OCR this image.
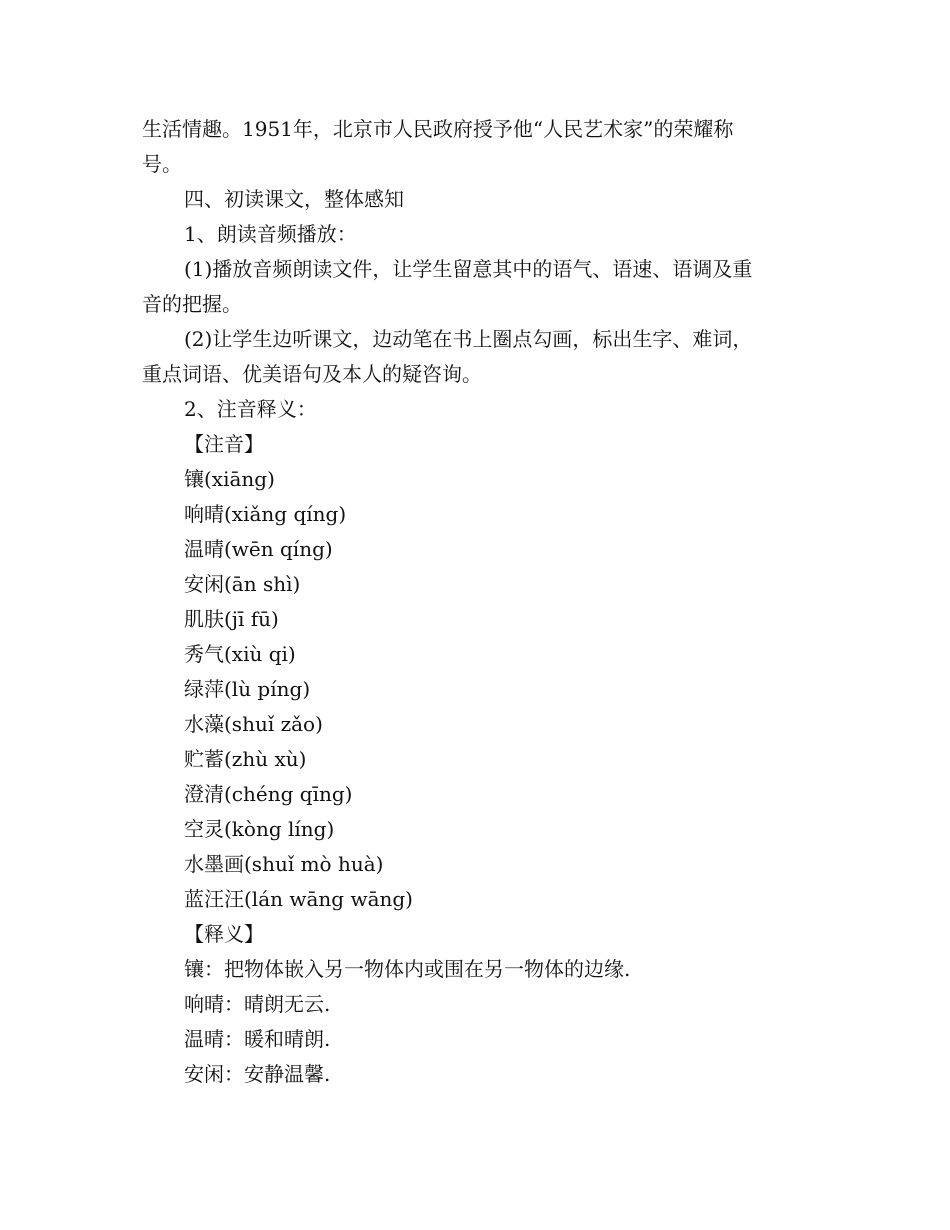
生活情趣。1951年，北京市人民政府授予他“人民艺术家”的荣耀称
号。
四、初读课文，整体感知
1、朗读音频播放：
(1)播放音频朗读文件，让学生留意其中的语气、语速、语调及重
音的把握。
(2)让学生边听课文，边动笔在书上圈点勾画，标出生字、难词，
重点词语、优美语句及本人的疑咨询。
2、注音释义：
【注音】
镶(xiāng)
响晴(xiǎng qíng)
温晴(wēn qíng)
安闲(ān shì)
肌肤(jī fū)
秀气(xiù qi)
绿萍(lù píng)
水藻(shuǐ zǎo)
贮蓄(zhù xù)
澄清(chéng qīng)
空灵(kòng líng)
水墨画(shuǐ mò huà)
蓝汪汪(lán wāng wāng)
【释义】
镶：把物体嵌入另一物体内或围在另一物体的边缘.
响晴：晴朗无云.
温晴：暖和晴朗.
安闲：安静温馨.
